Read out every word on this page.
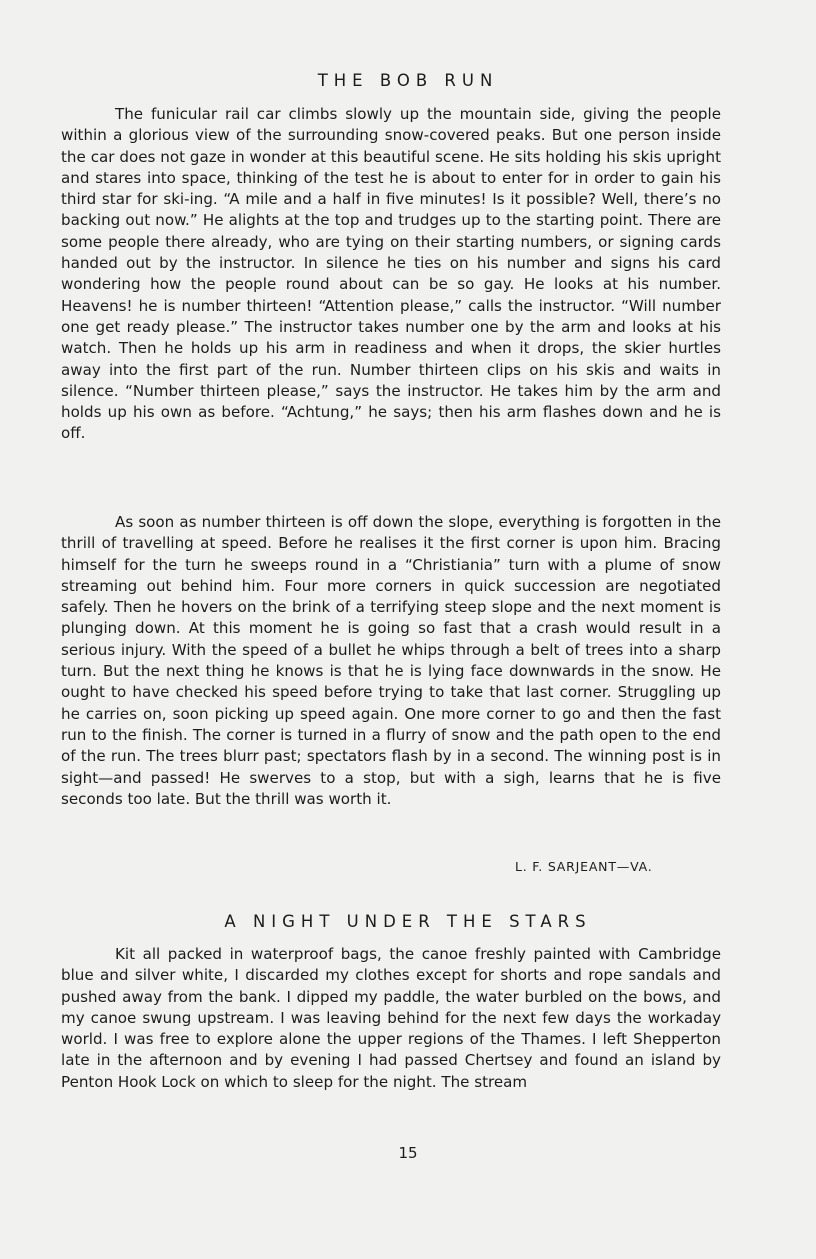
THE BOB RUN

The funicular rail car climbs slowly up the mountain side, giving the people within a glorious view of the surrounding snow-covered peaks. But one person inside the car does not gaze in wonder at this beautiful scene. He sits holding his skis upright and stares into space, thinking of the test he is about to enter for in order to gain his third star for ski-ing. “A mile and a half in five minutes! Is it possible? Well, there’s no backing out now.” He alights at the top and trudges up to the starting point. There are some people there already, who are tying on their starting numbers, or signing cards handed out by the instructor. In silence he ties on his number and signs his card wondering how the people round about can be so gay. He looks at his number. Heavens! he is number thirteen! “Attention please,” calls the instructor. “Will number one get ready please.” The instructor takes number one by the arm and looks at his watch. Then he holds up his arm in readiness and when it drops, the skier hurtles away into the first part of the run. Number thirteen clips on his skis and waits in silence. “Number thirteen please,” says the instructor. He takes him by the arm and holds up his own as before. “Achtung,” he says; then his arm flashes down and he is off.

As soon as number thirteen is off down the slope, everything is forgotten in the thrill of travelling at speed. Before he realises it the first corner is upon him. Bracing himself for the turn he sweeps round in a “Christiania” turn with a plume of snow streaming out behind him. Four more corners in quick succession are negotiated safely. Then he hovers on the brink of a terrifying steep slope and the next moment is plunging down. At this moment he is going so fast that a crash would result in a serious injury. With the speed of a bullet he whips through a belt of trees into a sharp turn. But the next thing he knows is that he is lying face downwards in the snow. He ought to have checked his speed before trying to take that last corner. Struggling up he carries on, soon picking up speed again. One more corner to go and then the fast run to the finish. The corner is turned in a flurry of snow and the path open to the end of the run. The trees blurr past; spectators flash by in a second. The winning post is in sight—and passed! He swerves to a stop, but with a sigh, learns that he is five seconds too late. But the thrill was worth it.

L. F. SARJEANT—VA.

A NIGHT UNDER THE STARS

Kit all packed in waterproof bags, the canoe freshly painted with Cambridge blue and silver white, I discarded my clothes except for shorts and rope sandals and pushed away from the bank. I dipped my paddle, the water burbled on the bows, and my canoe swung upstream. I was leaving behind for the next few days the workaday world. I was free to explore alone the upper regions of the Thames. I left Shepperton late in the afternoon and by evening I had passed Chertsey and found an island by Penton Hook Lock on which to sleep for the night. The stream

15
